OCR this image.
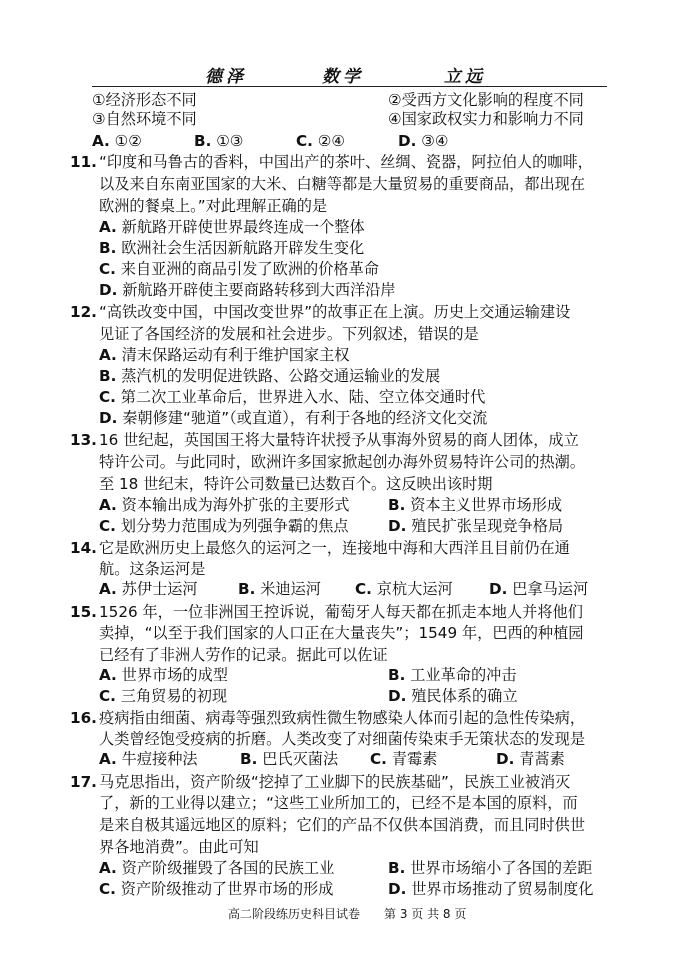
德泽	数学	立远
①经济形态不同	②受西方文化影响的程度不同
③自然环境不同	④国家政权实力和影响力不同
A. ①②	B. ①③	C. ②④	D. ③④
11. “印度和马鲁古的香料，中国出产的茶叶、丝绸、瓷器，阿拉伯人的咖啡，
以及来自东南亚国家的大米、白糖等都是大量贸易的重要商品，都出现在
欧洲的餐桌上。”对此理解正确的是
A. 新航路开辟使世界最终连成一个整体
B. 欧洲社会生活因新航路开辟发生变化
C. 来自亚洲的商品引发了欧洲的价格革命
D. 新航路开辟使主要商路转移到大西洋沿岸
12. “高铁改变中国，中国改变世界”的故事正在上演。历史上交通运输建设
见证了各国经济的发展和社会进步。下列叙述，错误的是
A. 清末保路运动有利于维护国家主权
B. 蒸汽机的发明促进铁路、公路交通运输业的发展
C. 第二次工业革命后，世界进入水、陆、空立体交通时代
D. 秦朝修建“驰道”（或直道），有利于各地的经济文化交流
13. 16 世纪起，英国国王将大量特许状授予从事海外贸易的商人团体，成立
特许公司。与此同时，欧洲许多国家掀起创办海外贸易特许公司的热潮。
至 18 世纪末，特许公司数量已达数百个。这反映出该时期
A. 资本输出成为海外扩张的主要形式	B. 资本主义世界市场形成
C. 划分势力范围成为列强争霸的焦点	D. 殖民扩张呈现竞争格局
14. 它是欧洲历史上最悠久的运河之一，连接地中海和大西洋且目前仍在通
航。这条运河是
A. 苏伊士运河	B. 米迪运河 C. 京杭大运河 D. 巴拿马运河
15. 1526 年，一位非洲国王控诉说，葡萄牙人每天都在抓走本地人并将他们
卖掉，“以至于我们国家的人口正在大量丧失”；1549 年，巴西的种植园
已经有了非洲人劳作的记录。据此可以佐证
A. 世界市场的成型	B. 工业革命的冲击
C. 三角贸易的初现	D. 殖民体系的确立
16. 疫病指由细菌、病毒等强烈致病性微生物感染人体而引起的急性传染病，
人类曾经饱受疫病的折磨。人类改变了对细菌传染束手无策状态的发现是
A. 牛痘接种法	B. 巴氏灭菌法 C. 青霉素	D. 青蒿素
17. 马克思指出，资产阶级“挖掉了工业脚下的民族基础”，民族工业被消灭
了，新的工业得以建立；“这些工业所加工的，已经不是本国的原料，而
是来自极其遥远地区的原料；它们的产品不仅供本国消费，而且同时供世
界各地消费”。由此可知
A. 资产阶级摧毁了各国的民族工业	B. 世界市场缩小了各国的差距
C. 资产阶级推动了世界市场的形成	D. 世界市场推动了贸易制度化
高二阶段练历史科目试卷 第 3 页 共 8 页
